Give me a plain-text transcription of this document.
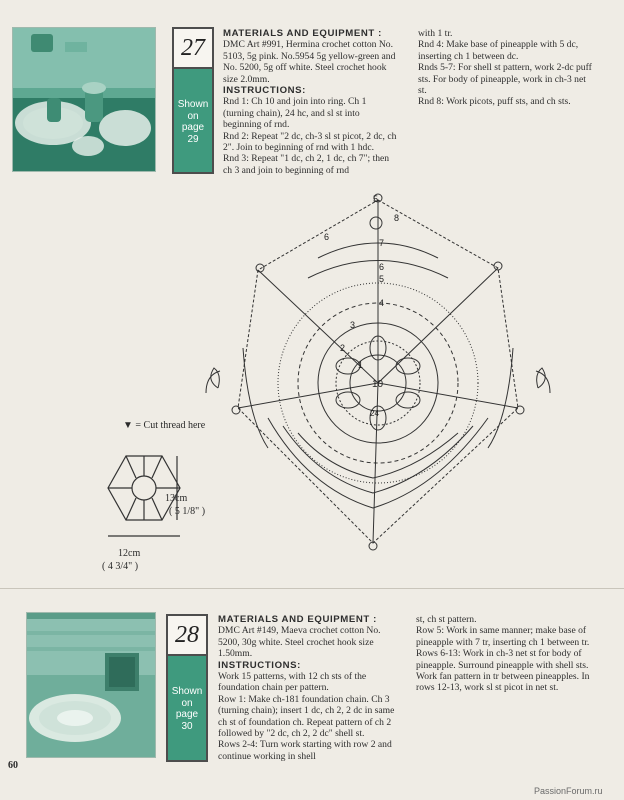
27
Shown
on
page
29

MATERIALS AND EQUIPMENT :

DMC Art #991, Hermina crochet cotton No. 5103, 5g pink. No.5954 5g yellow-green and No. 5200, 5g off white. Steel crochet hook size 2.0mm.

INSTRUCTIONS:

Rnd 1: Ch 10 and join into ring. Ch 1 (turning chain), 24 hc, and sl st into beginning of rnd.

Rnd 2: Repeat "2 dc, ch-3 sl st picot, 2 dc, ch 2". Join to beginning of rnd with 1 hdc.

Rnd 3: Repeat "1 dc, ch 2, 1 dc, ch 7"; then ch 3 and join to beginning of rnd

with 1 tr.

Rnd 4: Make base of pineapple with 5 dc, inserting ch 1 between dc.

Rnds 5-7: For shell st pattern, work 2-dc puff sts. For body of pineapple, work in ch-3 net st.

Rnd 8: Work picots, puff sts, and ch sts.

5
6
7
6
5
4
3
2
1
8
10
24
▼ = Cut thread here
13cm
( 5 1/8" )
12cm
( 4 3/4" )
28
Shown
on
page
30

MATERIALS AND EQUIPMENT :

DMC Art #149, Maeva crochet cotton No. 5200, 30g white. Steel crochet hook size 1.50mm.

INSTRUCTIONS:

Work 15 patterns, with 12 ch sts of the foundation chain per pattern.

Row 1: Make ch-181 foundation chain. Ch 3 (turning chain); insert 1 dc, ch 2, 2 dc in same ch st of foundation ch. Repeat pattern of ch 2 followed by "2 dc, ch 2, 2 dc" shell st.

Rows 2-4: Turn work starting with row 2 and continue working in shell

st, ch st pattern.

Row 5: Work in same manner; make base of pineapple with 7 tr, inserting ch 1 between tr.

Rows 6-13: Work in ch-3 net st for body of pineapple. Surround pineapple with shell sts. Work fan pattern in tr between pineapples. In rows 12-13, work sl st picot in net st.

60
PassionForum.ru
